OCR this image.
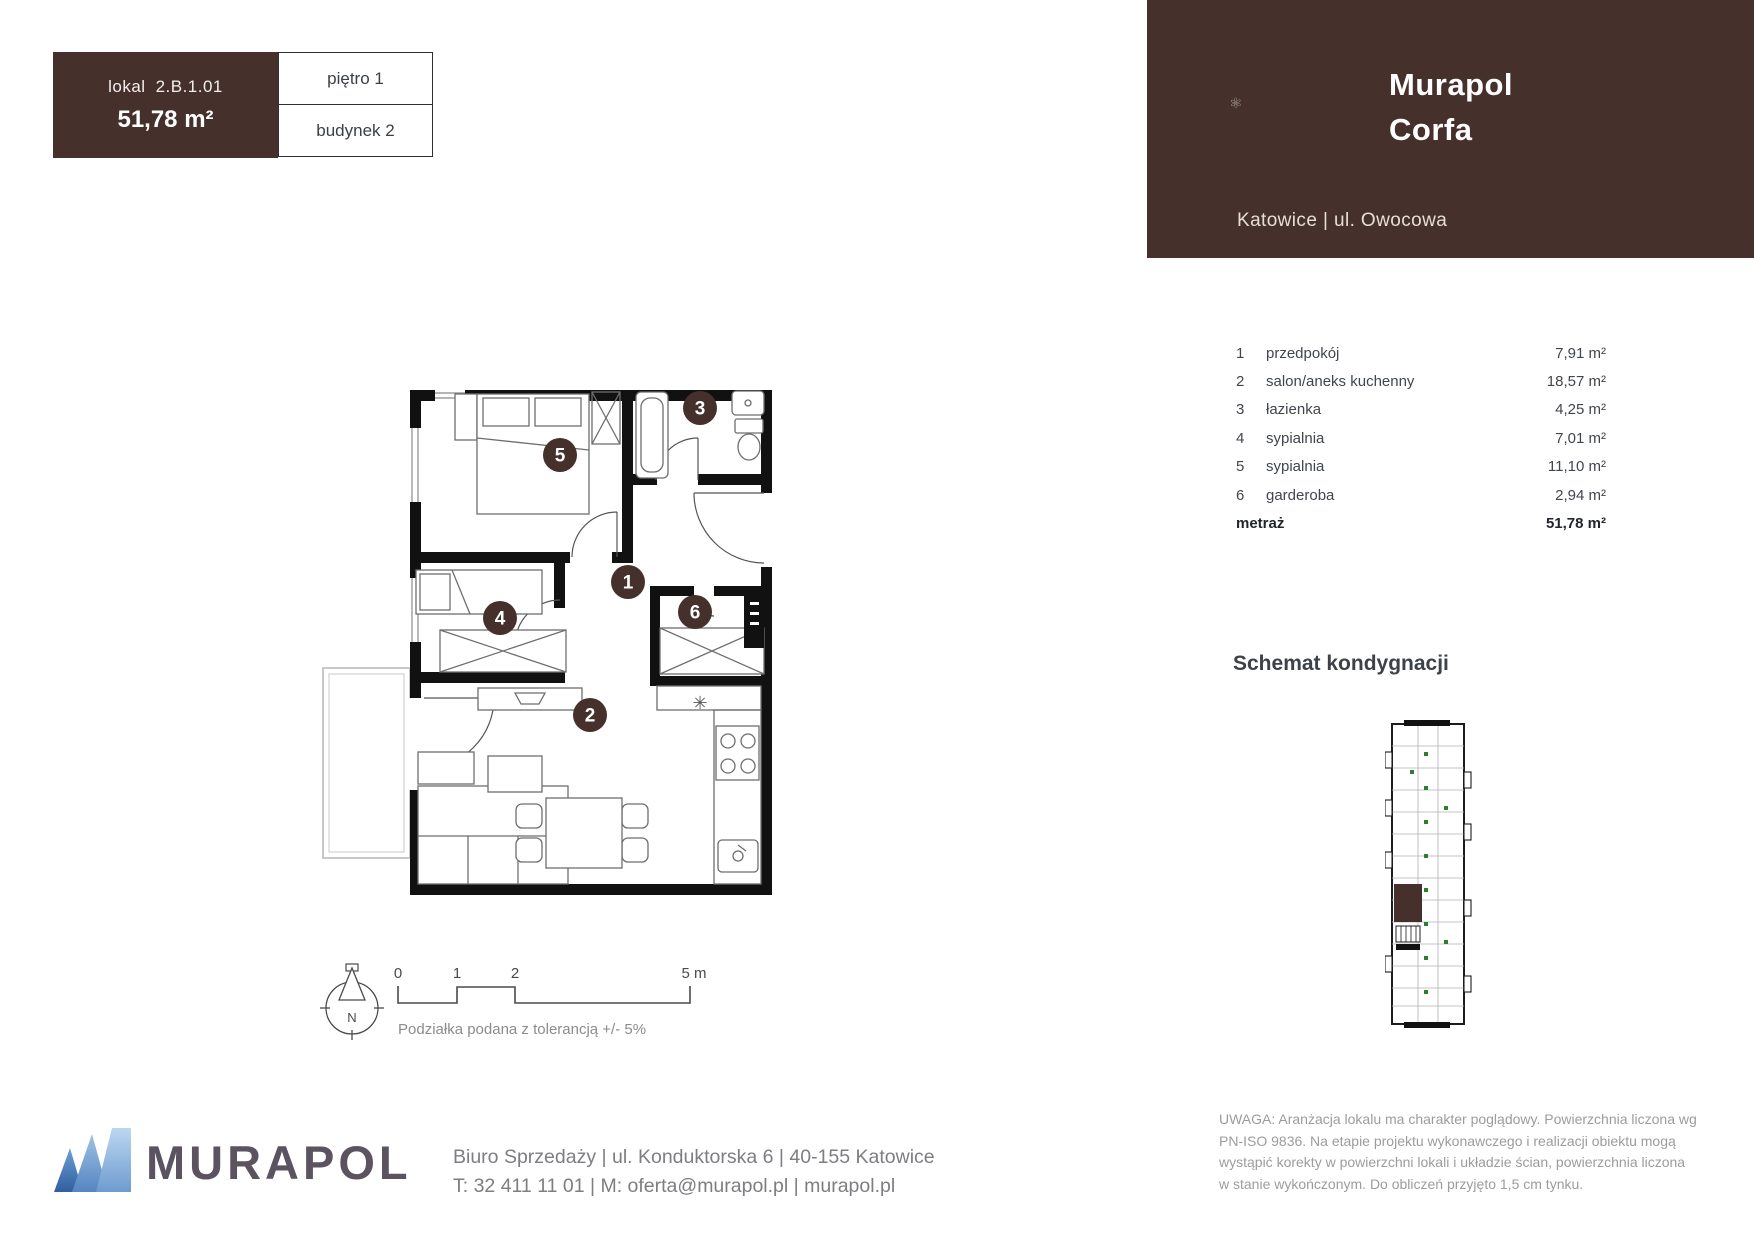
lokal 2.B.1.01
51,78 m²
piętro 1
budynek 2
Murapol
Corfa
Katowice | ul. Owocowa
1	przedpokój	7,91 m²
2	salon/aneks kuchenny	18,57 m²
3	łazienka	4,25 m²
4	sypialnia	7,01 m²
5	sypialnia	11,10 m²
6	garderoba	2,94 m²
metraż	51,78 m²
✳
5
3
4
1
6
2
N
0	1	2	5 m
Podziałka podana z tolerancją +/- 5%
Schemat kondygnacji
UWAGA: Aranżacja lokalu ma charakter poglądowy. Powierzchnia liczona wg PN-ISO 9836. Na etapie projektu wykonawczego i realizacji obiektu mogą wystąpić korekty w powierzchni lokali i układzie ścian, powierzchnia liczona w stanie wykończonym. Do obliczeń przyjęto 1,5 cm tynku.
MURAPOL Biuro Sprzedaży | ul. Konduktorska 6 | 40-155 Katowice
T: 32 411 11 01 | M: oferta@murapol.pl | murapol.pl
